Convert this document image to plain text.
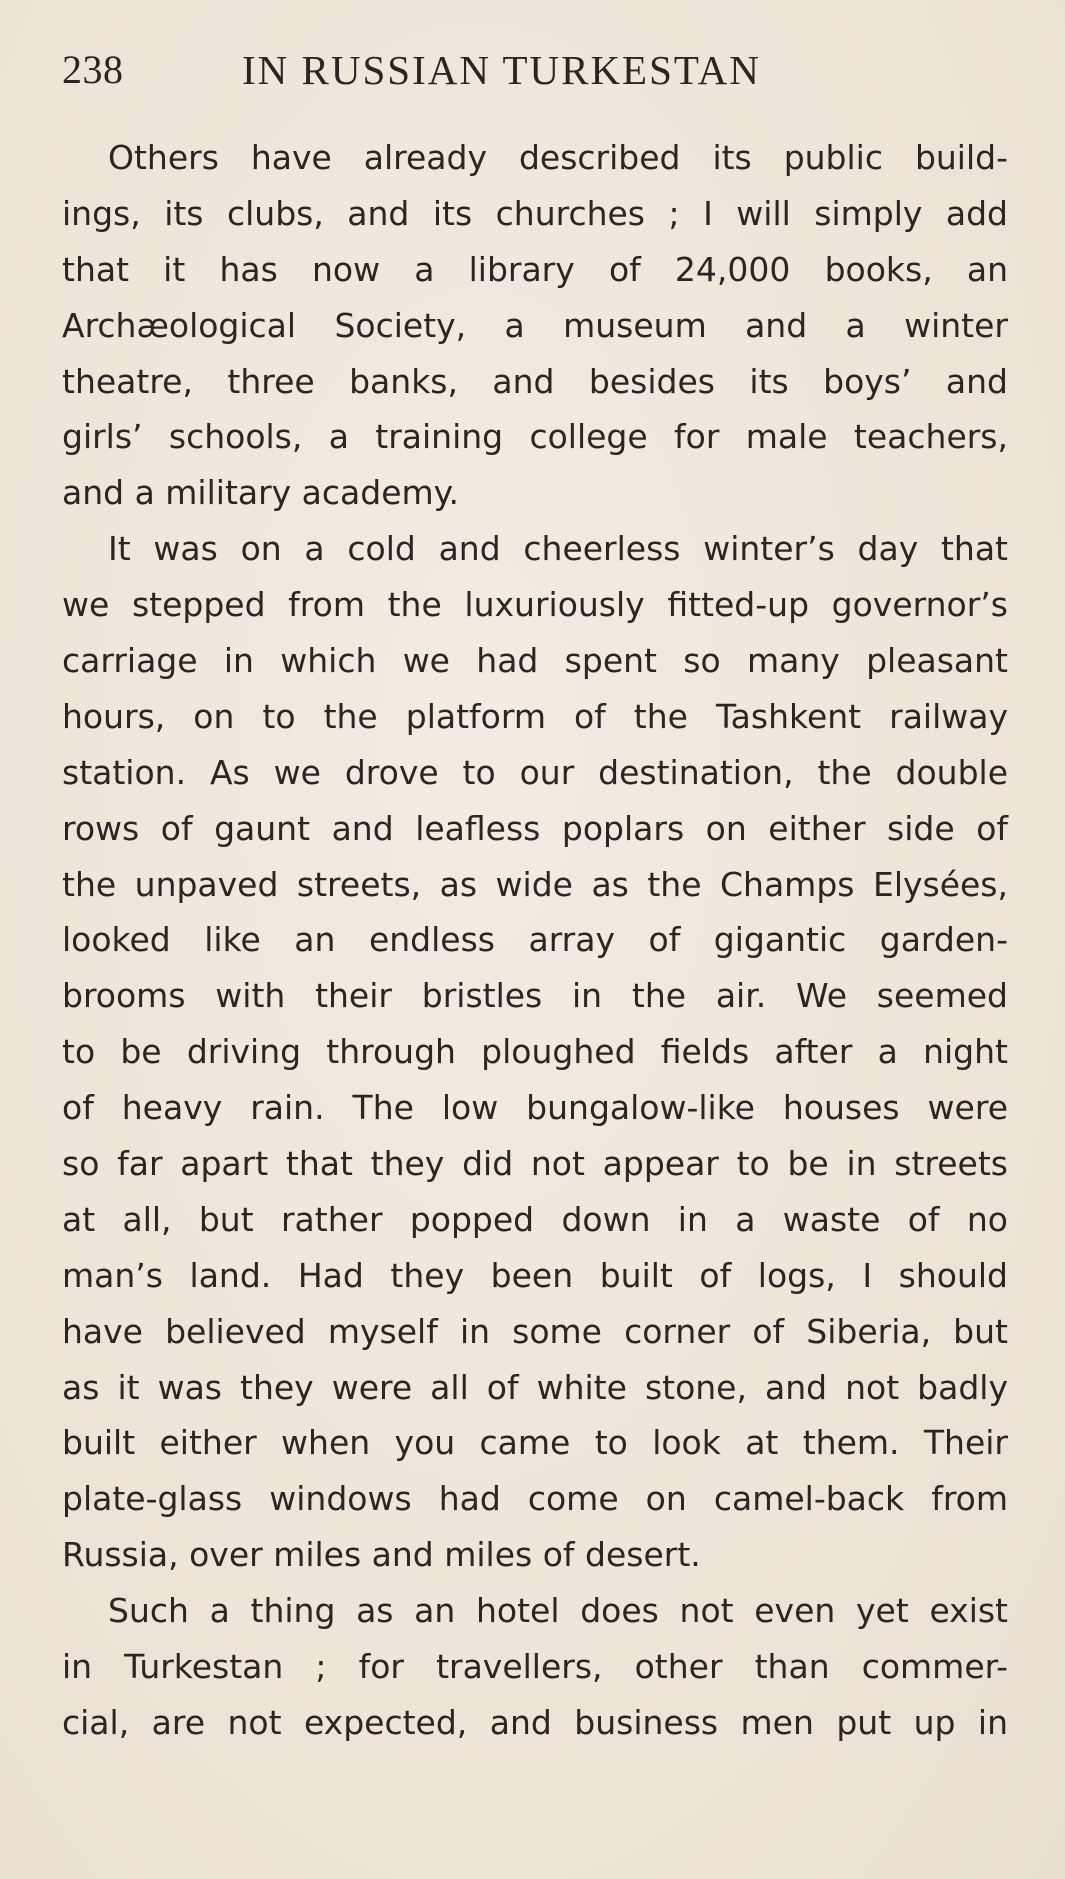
238	IN RUSSIAN TURKESTAN

Others have already described its public build-
ings, its clubs, and its churches ; I will simply add
that it has now a library of 24,000 books, an
Archæological Society, a museum and a winter
theatre, three banks, and besides its boys’ and
girls’ schools, a training college for male teachers,
and a military academy.

It was on a cold and cheerless winter’s day that
we stepped from the luxuriously fitted-up governor’s
carriage in which we had spent so many pleasant
hours, on to the platform of the Tashkent railway
station. As we drove to our destination, the double
rows of gaunt and leafless poplars on either side of
the unpaved streets, as wide as the Champs Elysées,
looked like an endless array of gigantic garden-
brooms with their bristles in the air. We seemed
to be driving through ploughed fields after a night
of heavy rain. The low bungalow-like houses were
so far apart that they did not appear to be in streets
at all, but rather popped down in a waste of no
man’s land. Had they been built of logs, I should
have believed myself in some corner of Siberia, but
as it was they were all of white stone, and not badly
built either when you came to look at them. Their
plate-glass windows had come on camel-back from
Russia, over miles and miles of desert.

Such a thing as an hotel does not even yet exist
in Turkestan ; for travellers, other than commer-
cial, are not expected, and business men put up in
